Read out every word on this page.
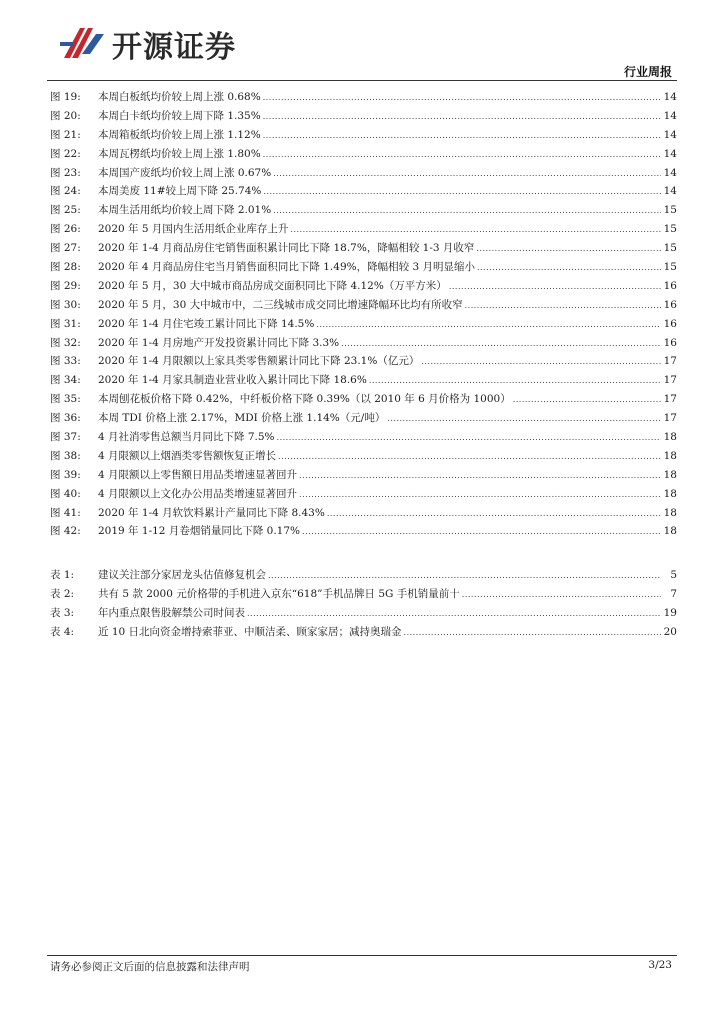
开源证券
行业周报
图 19:	本周白板纸均价较上周上涨 0.68% .....	14
图 20:	本周白卡纸均价较上周下降 1.35% .....	14
图 21:	本周箱板纸均价较上周上涨 1.12% .....	14
图 22:	本周瓦楞纸均价较上周上涨 1.80% .....	14
图 23:	本周国产废纸均价较上周上涨 0.67% .....	14
图 24:	本周美废 11#较上周下降 25.74% .....	14
图 25:	本周生活用纸均价较上周下降 2.01% .....	15
图 26:	2020 年 5 月国内生活用纸企业库存上升 .....	15
图 27:	2020 年 1-4 月商品房住宅销售面积累计同比下降 18.7%，降幅相较 1-3 月收窄 .....	15
图 28:	2020 年 4 月商品房住宅当月销售面积同比下降 1.49%，降幅相较 3 月明显缩小 .....	15
图 29:	2020 年 5 月，30 大中城市商品房成交面积同比下降 4.12%（万平方米） .....	16
图 30:	2020 年 5 月，30 大中城市中，二三线城市成交同比增速降幅环比均有所收窄 .....	16
图 31:	2020 年 1-4 月住宅竣工累计同比下降 14.5% .....	16
图 32:	2020 年 1-4 月房地产开发投资累计同比下降 3.3% .....	16
图 33:	2020 年 1-4 月限额以上家具类零售额累计同比下降 23.1%（亿元） .....	17
图 34:	2020 年 1-4 月家具制造业营业收入累计同比下降 18.6% .....	17
图 35:	本周刨花板价格下降 0.42%，中纤板价格下降 0.39%（以 2010 年 6 月价格为 1000） .....	17
图 36:	本周 TDI 价格上涨 2.17%，MDI 价格上涨 1.14%（元/吨） .....	17
图 37:	4 月社消零售总额当月同比下降 7.5% .....	18
图 38:	4 月限额以上烟酒类零售额恢复正增长 .....	18
图 39:	4 月限额以上零售额日用品类增速显著回升 .....	18
图 40:	4 月限额以上文化办公用品类增速显著回升 .....	18
图 41:	2020 年 1-4 月软饮料累计产量同比下降 8.43% .....	18
图 42:	2019 年 1-12 月卷烟销量同比下降 0.17% .....	18
表 1:	建议关注部分家居龙头估值修复机会 .....	5
表 2:	共有 5 款 2000 元价格带的手机进入京东“618”手机品牌日 5G 手机销量前十 .....	7
表 3:	年内重点限售股解禁公司时间表 .....	19
表 4:	近 10 日北向资金增持索菲亚、中顺洁柔、顾家家居；减持奥瑞金 .....	20
请务必参阅正文后面的信息披露和法律声明	3/23
